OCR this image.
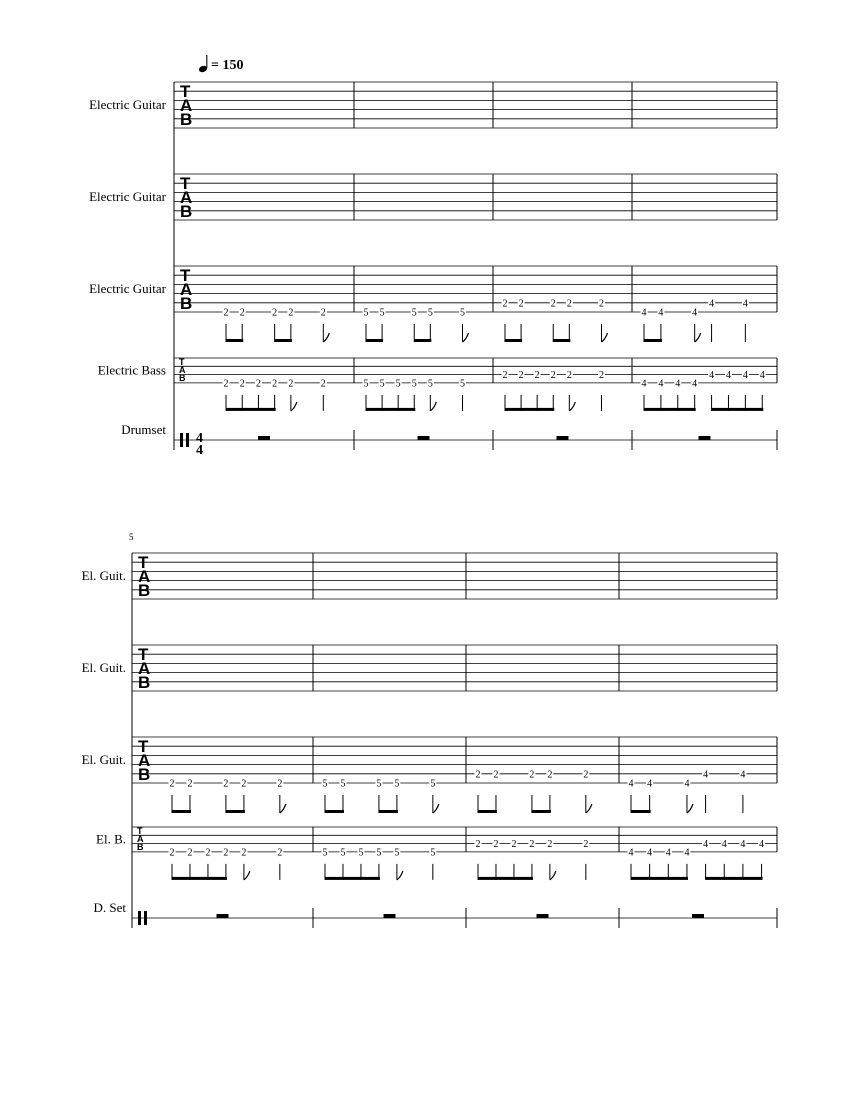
= 150
Electric Guitar
T
A
B
Electric Guitar
T
A
B
Electric Guitar
T
A
B	2 2	2 2	2	5 5	5 5	5
2 2	2 2	2
4 4	4
4	4
Electric Bass
T
A
B
2 2 2 2 2	2	5 5 5 5 5	5
2 2 2 2 2	2
4 4 4 4
4 4 4 4
Drumset
4
4
5
El. Guit.
T
A
B
El. Guit.
T
A
B
El. Guit.
T
A
B 2 2	2 2	2	5 5	5 5	5
2 2	2 2	2
4 4	4
4	4
El. B.
T
A
B
2 2 2 2 2	2	5 5 5 5 5	5
2 2 2 2 2	2
4 4 4 4
4 4 4 4
D. Set
